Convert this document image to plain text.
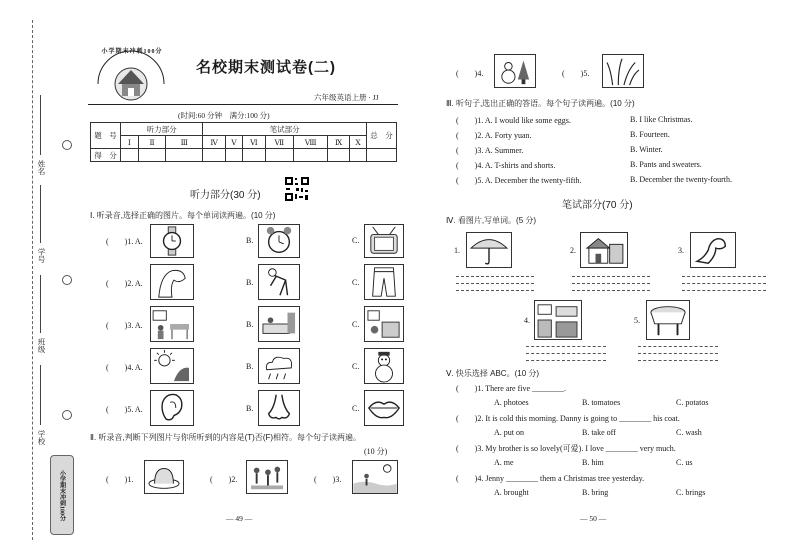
姓名
学号
班级
学校
小学期末冲刺100分
小学期末冲刺100分
名校期末测试卷(二)
六年级英语上册 · JJ
(时间:60 分钟　满分:100 分)
题　号	听力部分			笔试部分							总　分
	Ⅰ	Ⅱ	Ⅲ	Ⅳ	Ⅴ	Ⅵ	Ⅶ	Ⅷ	Ⅸ	Ⅹ	
得　分											
听力部分(30 分)
Ⅰ. 听录音,选择正确的图片。每个单词读两遍。(10 分)
(　　)1. A.	B.	C.
(　　)2. A.	B.	C.
(　　)3. A.	B.	C.
(　　)4. A.	B.	C.
(　　)5. A.	B.	C.
Ⅱ. 听录音,判断下列图片与你所听到的内容是(T)否(F)相符。每个句子读两遍。
(10 分)
(　　)1.	(　　)2.	(　　)3.
— 49 —
(　　)4.	(　　)5.
Ⅲ. 听句子,选出正确的答语。每个句子读两遍。(10 分)
(　　)1. A. I would like some eggs.	B. I like Christmas.
(　　)2. A. Forty yuan.	B. Fourteen.
(　　)3. A. Summer.	B. Winter.
(　　)4. A. T-shirts and shorts.	B. Pants and sweaters.
(　　)5. A. December the twenty-fifth.	B. December the twenty-fourth.
笔试部分(70 分)
Ⅳ. 看图片,写单词。(5 分)
1.	2.	3.
4.	5.
Ⅴ. 快乐选择 ABC。(10 分)
(　　)1. There are five ________.
A. photoes	B. tomatoes	C. potatos
(　　)2. It is cold this morning. Danny is going to ________ his coat.
A. put on	B. take off	C. wash
(　　)3. My brother is so lovely(可爱). I love ________ very much.
A. me	B. him	C. us
(　　)4. Jenny ________ them a Christmas tree yesterday.
A. brought	B. bring	C. brings
— 50 —
